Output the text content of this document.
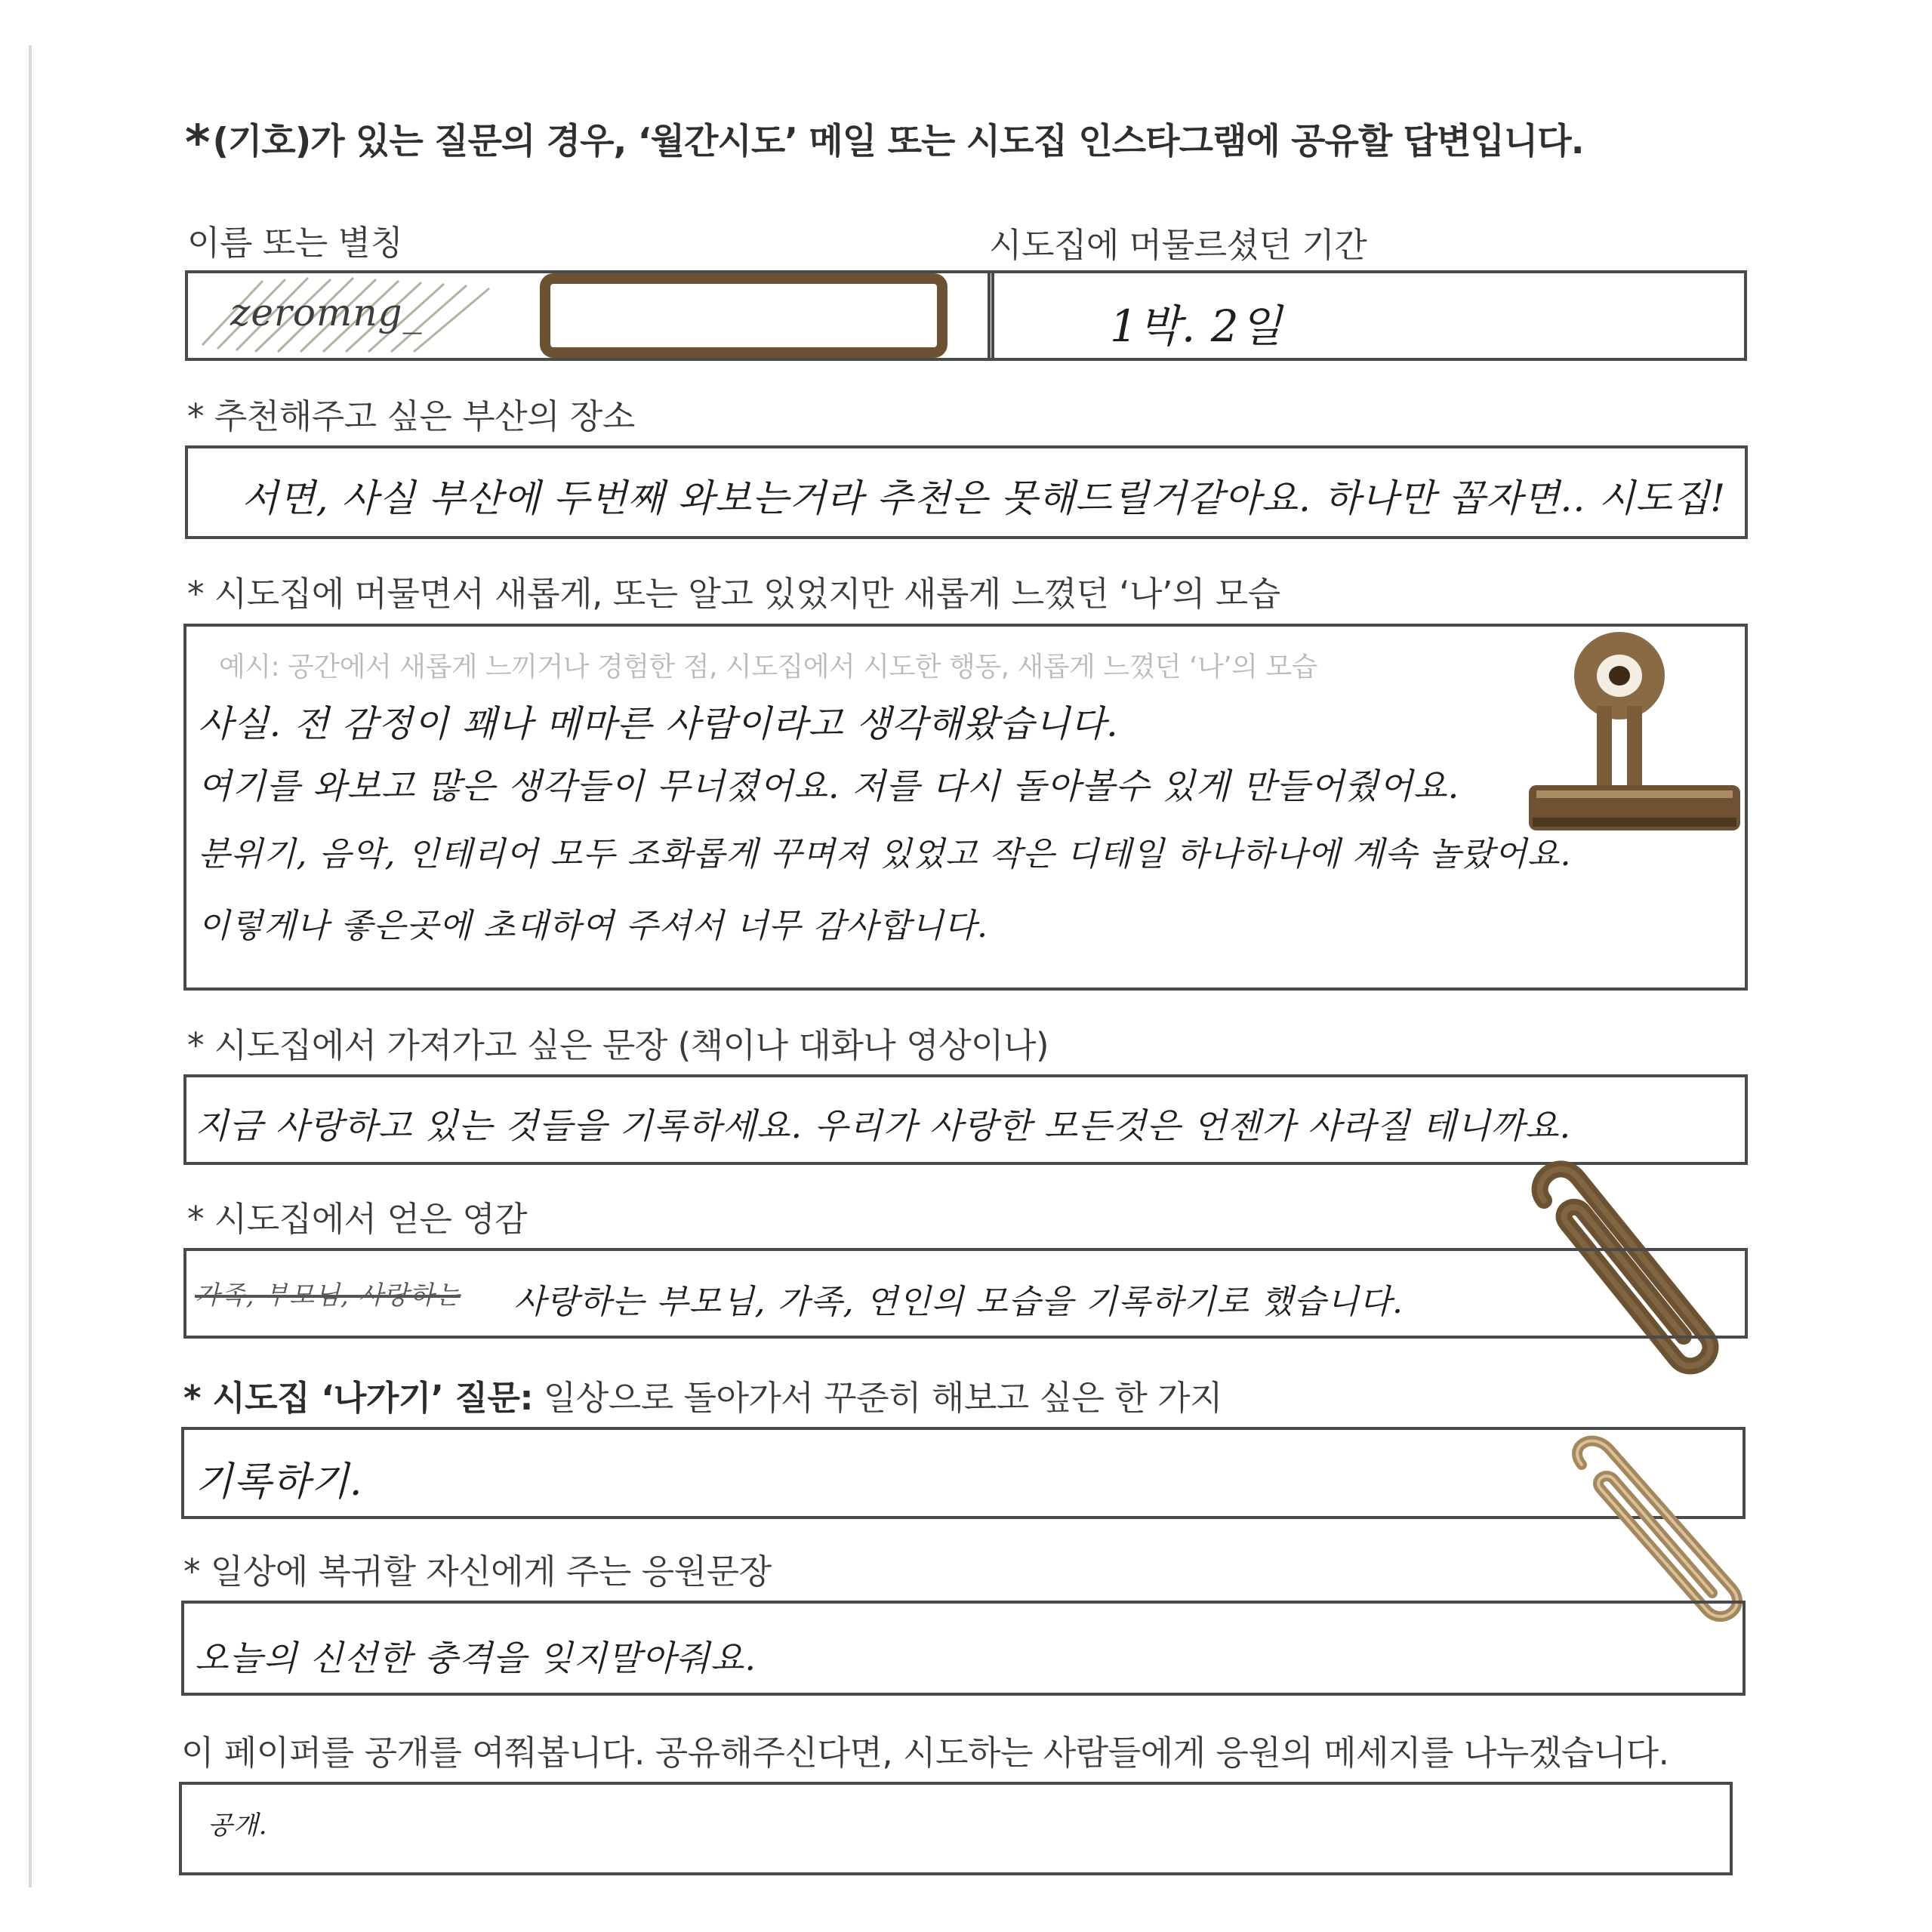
*(기호)가 있는 질문의 경우, ‘월간시도’ 메일 또는 시도집 인스타그램에 공유할 답변입니다.
이름 또는 별칭
zeromng_
시도집에 머물르셨던 기간
1박. 2일
* 추천해주고 싶은 부산의 장소
서면, 사실 부산에 두번째 와보는거라 추천은 못해드릴거같아요. 하나만 꼽자면.. 시도집!
* 시도집에 머물면서 새롭게, 또는 알고 있었지만 새롭게 느꼈던 ‘나’의 모습
예시: 공간에서 새롭게 느끼거나 경험한 점, 시도집에서 시도한 행동, 새롭게 느꼈던 ‘나’의 모습
사실. 전 감정이 꽤나 메마른 사람이라고 생각해왔습니다.
여기를 와보고 많은 생각들이 무너졌어요. 저를 다시 돌아볼수 있게 만들어줬어요.
분위기, 음악, 인테리어 모두 조화롭게 꾸며져 있었고 작은 디테일 하나하나에 계속 놀랐어요.
이렇게나 좋은곳에 초대하여 주셔서 너무 감사합니다.
* 시도집에서 가져가고 싶은 문장 (책이나 대화나 영상이나)
지금 사랑하고 있는 것들을 기록하세요. 우리가 사랑한 모든것은 언젠가 사라질 테니까요.
* 시도집에서 얻은 영감
가족, 부모님, 사랑하는 사랑하는 부모님, 가족, 연인의 모습을 기록하기로 했습니다.
* 시도집 ‘나가기’ 질문: 일상으로 돌아가서 꾸준히 해보고 싶은 한 가지
기록하기.
* 일상에 복귀할 자신에게 주는 응원문장
오늘의 신선한 충격을 잊지말아줘요.
이 페이퍼를 공개를 여쭤봅니다. 공유해주신다면, 시도하는 사람들에게 응원의 메세지를 나누겠습니다.
공개.
